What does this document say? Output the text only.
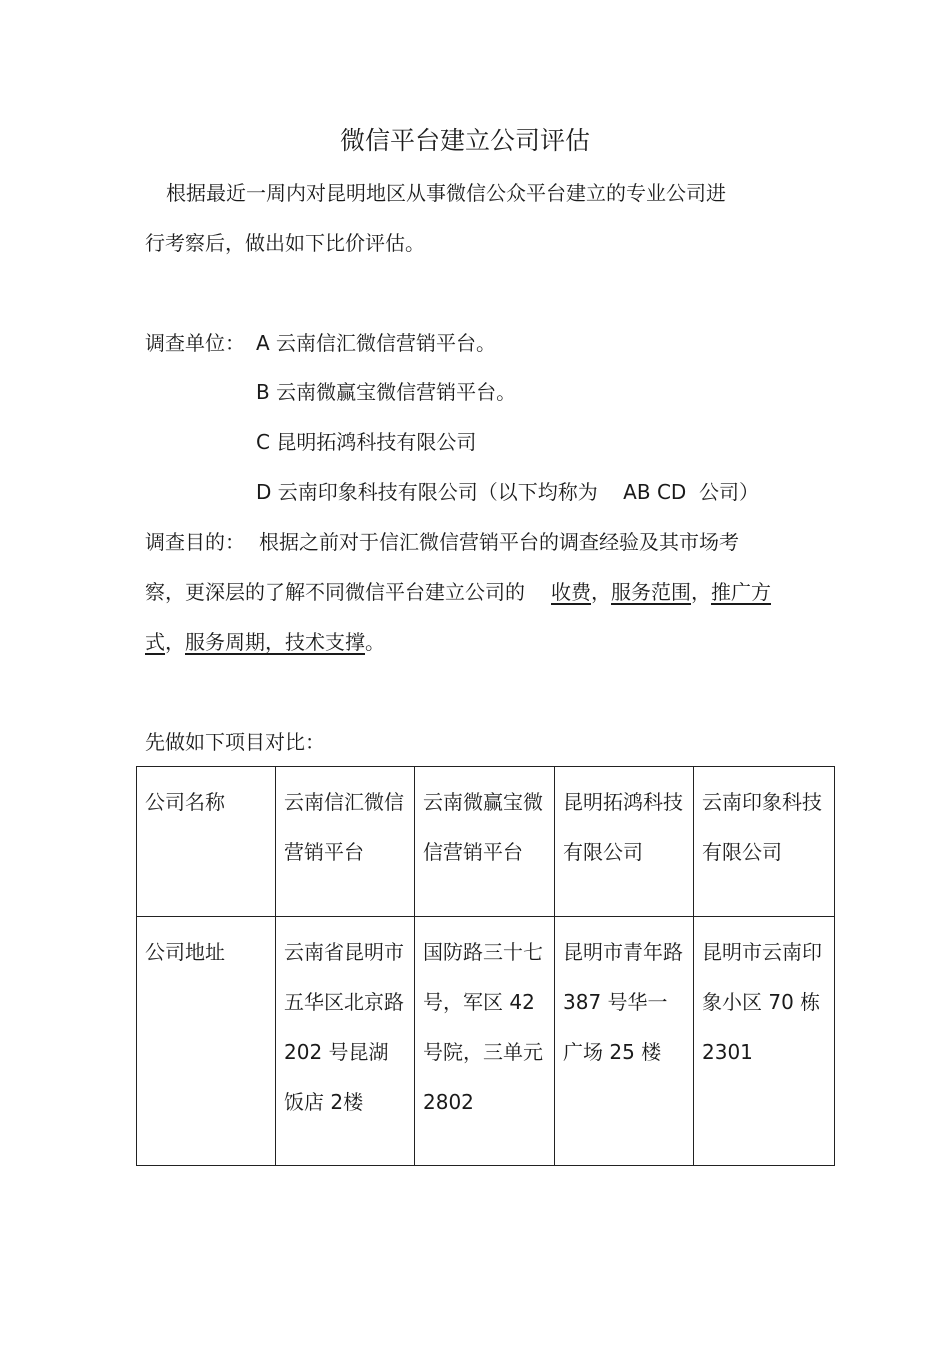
微信平台建立公司评估
根据最近一周内对昆明地区从事微信公众平台建立的专业公司进
行考察后，做出如下比价评估。
调查单位： A 云南信汇微信营销平台。
B 云南微赢宝微信营销平台。
C 昆明拓鸿科技有限公司
D 云南印象科技有限公司（以下均称为    AB CD  公司）
调查目的： 根据之前对于信汇微信营销平台的调查经验及其市场考
察，更深层的了解不同微信平台建立公司的 收费，服务范围，推广方
式，服务周期，技术支撑。
先做如下项目对比：
公司名称	云南信汇微信营销平台	云南微赢宝微信营销平台	昆明拓鸿科技有限公司	云南印象科技有限公司
公司地址	云南省昆明市五华区北京路 202 号昆湖饭店 2楼	国防路三十七号，军区 42 号院，三单元 2802	昆明市青年路 387 号华一广场 25 楼	昆明市云南印象小区 70 栋 2301
